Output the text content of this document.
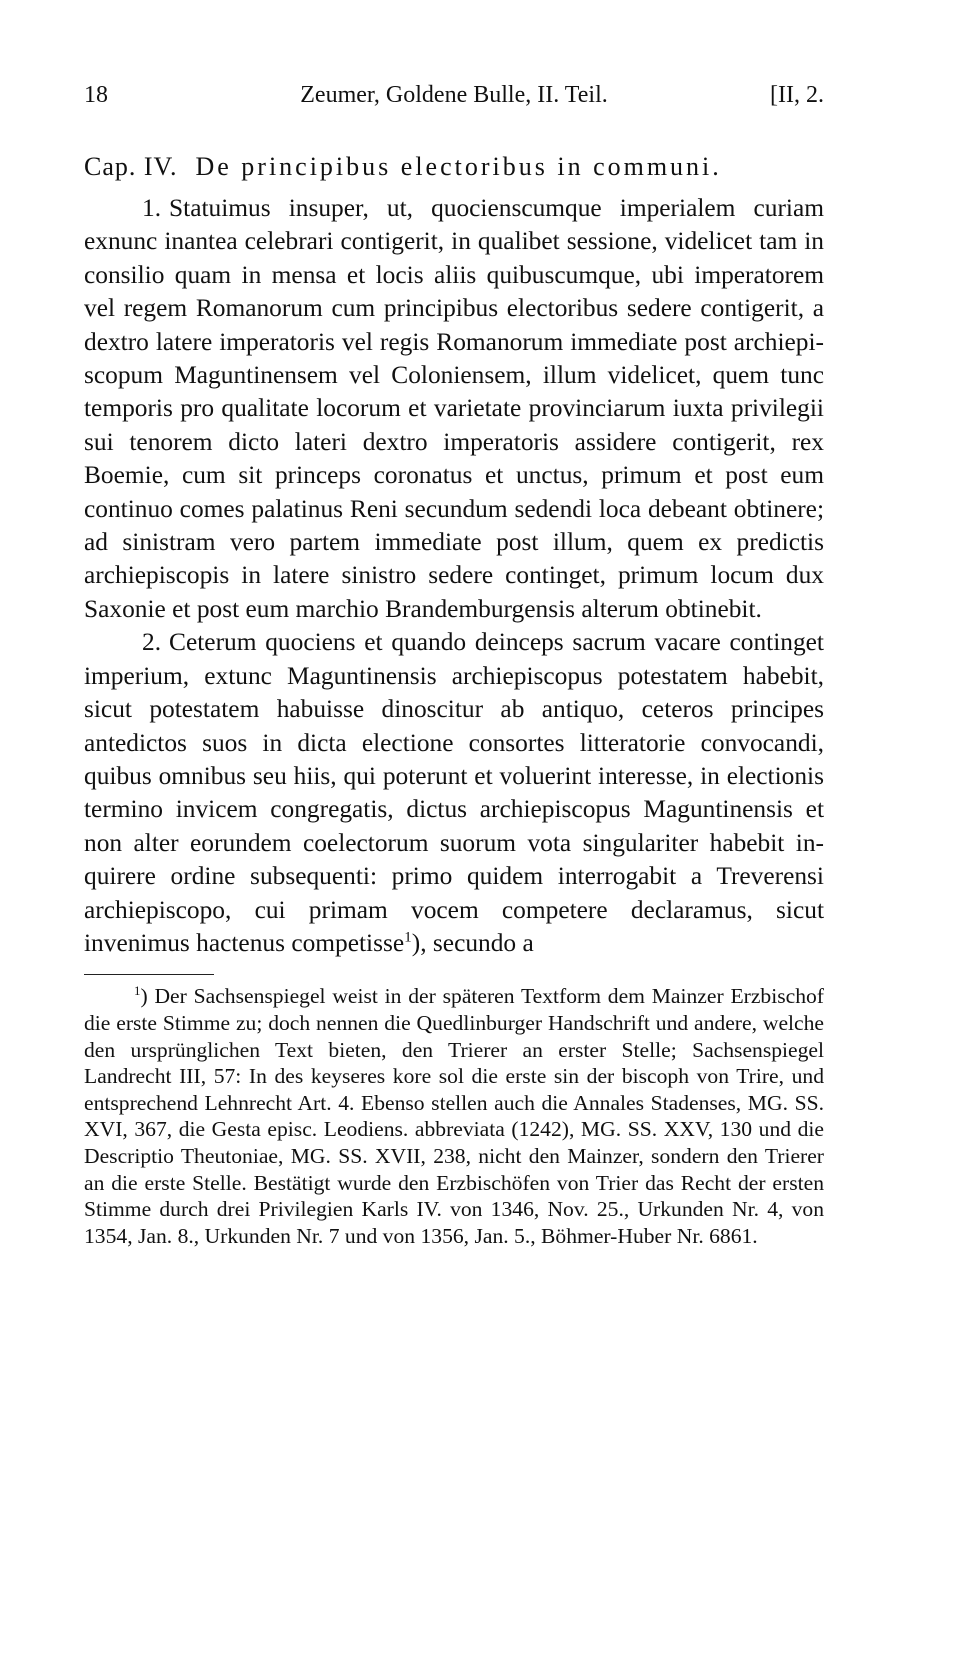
18	Zeumer, Goldene Bulle, II. Teil.	[II, 2.
Cap. IV. De principibus electoribus in communi.

1. Statuimus insuper, ut, quocienscumque imperialem curiam exnunc inantea celebrari contigerit, in qualibet sessione, videlicet tam in consilio quam in mensa et locis aliis quibuscumque, ubi imperatorem vel regem Romanorum cum principibus electoribus sedere contigerit, a dextro latere imperatoris vel regis Romanorum immediate post archiepiscopum Maguntinensem vel Coloniensem, illum videlicet, quem tunc temporis pro qualitate locorum et varietate provinciarum iuxta privilegii sui tenorem dicto lateri dextro imperatoris assidere contigerit, rex Boemie, cum sit princeps coronatus et unctus, primum et post eum continuo comes palatinus Reni secundum sedendi loca debeant obtinere; ad sinistram vero partem immediate post illum, quem ex predictis archiepiscopis in latere sinistro sedere continget, primum locum dux Saxonie et post eum marchio Brandemburgensis alterum obtinebit.

2. Ceterum quociens et quando deinceps sacrum vacare continget imperium, extunc Maguntinensis archiepiscopus potestatem habebit, sicut potestatem habuisse dinoscitur ab antiquo, ceteros principes antedictos suos in dicta electione consortes litteratorie convocandi, quibus omnibus seu hiis, qui poterunt et voluerint interesse, in electionis termino invicem congregatis, dictus archiepiscopus Maguntinensis et non alter eorundem coelectorum suorum vota singulariter habebit inquirere ordine subsequenti: primo quidem interrogabit a Treverensi archiepiscopo, cui primam vocem competere declaramus, sicut invenimus hactenus competisse$^1$), secundo a

$^1$) Der Sachsenspiegel weist in der späteren Textform dem Mainzer Erzbischof die erste Stimme zu; doch nennen die Quedlinburger Handschrift und andere, welche den ursprünglichen Text bieten, den Trierer an erster Stelle; Sachsenspiegel Landrecht III, 57: In des keyseres kore sol die erste sin der biscoph von Trire, und entsprechend Lehnrecht Art. 4. Ebenso stellen auch die Annales Stadenses, MG. SS. XVI, 367, die Gesta episc. Leodiens. abbreviata (1242), MG. SS. XXV, 130 und die Descriptio Theutoniae, MG. SS. XVII, 238, nicht den Mainzer, sondern den Trierer an die erste Stelle. Bestätigt wurde den Erzbischöfen von Trier das Recht der ersten Stimme durch drei Privilegien Karls IV. von 1346, Nov. 25., Urkunden Nr. 4, von 1354, Jan. 8., Urkunden Nr. 7 und von 1356, Jan. 5., Böhmer-Huber Nr. 6861.
